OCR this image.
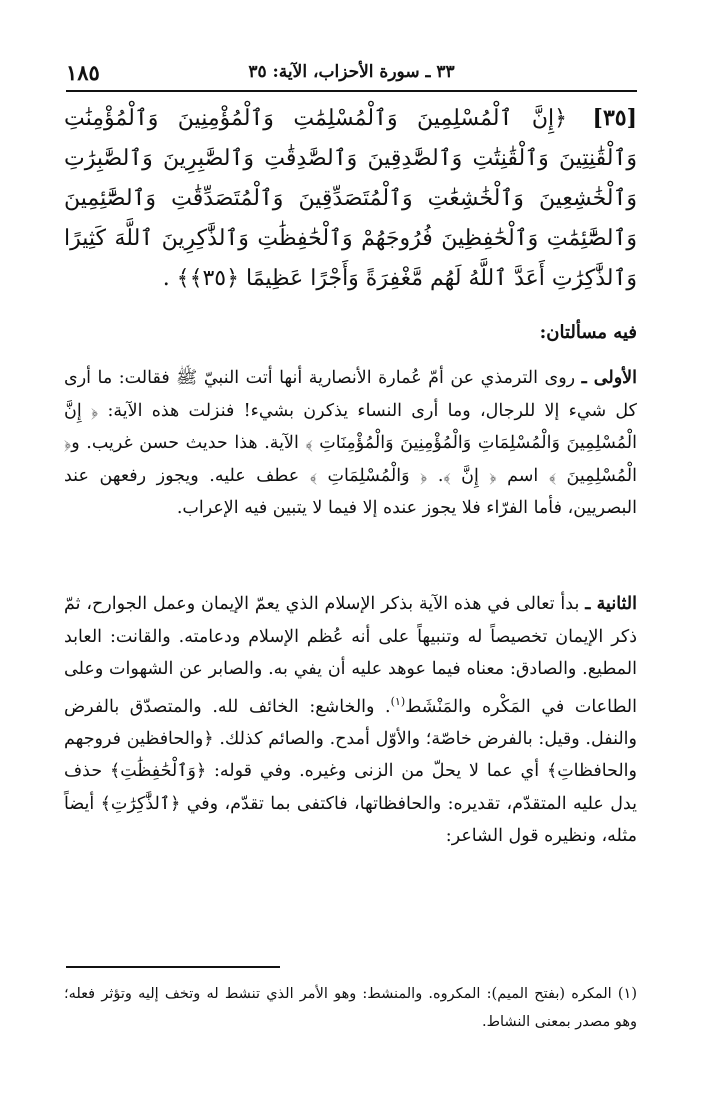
١٨٥	٣٣ ـ سورة الأحزاب، الآية: ٣٥
[٣٥] ﴿إِنَّ ٱلْمُسْلِمِينَ وَٱلْمُسْلِمَٰتِ وَٱلْمُؤْمِنِينَ وَٱلْمُؤْمِنَٰتِ وَٱلْقَٰنِتِينَ وَٱلْقَٰنِتَٰتِ وَٱلصَّٰدِقِينَ وَٱلصَّٰدِقَٰتِ وَٱلصَّٰبِرِينَ وَٱلصَّٰبِرَٰتِ وَٱلْخَٰشِعِينَ وَٱلْخَٰشِعَٰتِ وَٱلْمُتَصَدِّقِينَ وَٱلْمُتَصَدِّقَٰتِ وَٱلصَّٰٓئِمِينَ وَٱلصَّٰٓئِمَٰتِ وَٱلْحَٰفِظِينَ فُرُوجَهُمْ وَٱلْحَٰفِظَٰتِ وَٱلذَّٰكِرِينَ ٱللَّهَ كَثِيرًا وَٱلذَّٰكِرَٰتِ أَعَدَّ ٱللَّهُ لَهُم مَّغْفِرَةً وَأَجْرًا عَظِيمًا ﴿٣٥﴾﴾ .
فيه مسألتان:
الأولى ـ روى الترمذي عن أمّ عُمارة الأنصارية أنها أتت النبيّ ﷺ فقالت: ما أرى كل شيء إلا للرجال، وما أرى النساء يذكرن بشيء! فنزلت هذه الآية: ﴿ إِنَّ الْمُسْلِمِينَ وَالْمُسْلِمَاتِ وَالْمُؤْمِنِينَ وَالْمُؤْمِنَاتِ ﴾ الآية. هذا حديث حسن غريب. و﴿ الْمُسْلِمِينَ ﴾ اسم ﴿ إِنَّ ﴾. ﴿ وَالْمُسْلِمَاتِ ﴾ عطف عليه. ويجوز رفعهن عند البصريين، فأما الفرّاء فلا يجوز عنده إلا فيما لا يتبين فيه الإعراب.
الثانية ـ بدأ تعالى في هذه الآية بذكر الإسلام الذي يعمّ الإيمان وعمل الجوارح، ثمّ ذكر الإيمان تخصيصاً له وتنبيهاً على أنه عُظم الإسلام ودعامته. والقانت: العابد المطيع. والصادق: معناه فيما عوهد عليه أن يفي به. والصابر عن الشهوات وعلى الطاعات في المَكْره والمَنْشَط$^{(١)}$. والخاشع: الخائف لله. والمتصدّق بالفرض والنفل. وقيل: بالفرض خاصّة؛ والأوّل أمدح. والصائم كذلك. ﴿والحافظين فروجهم والحافظاتِ﴾ أي عما لا يحلّ من الزنى وغيره. وفي قوله: ﴿وَٱلْحَٰفِظَٰتِ﴾ حذف يدل عليه المتقدّم، تقديره: والحافظاتها، فاكتفى بما تقدّم، وفي ﴿ٱلذَّٰكِرَٰتِ﴾ أيضاً مثله، ونظيره قول الشاعر:
(١) المكره (بفتح الميم): المكروه. والمنشط: وهو الأمر الذي تنشط له وتخف إليه وتؤثر فعله؛ وهو مصدر بمعنى النشاط.
